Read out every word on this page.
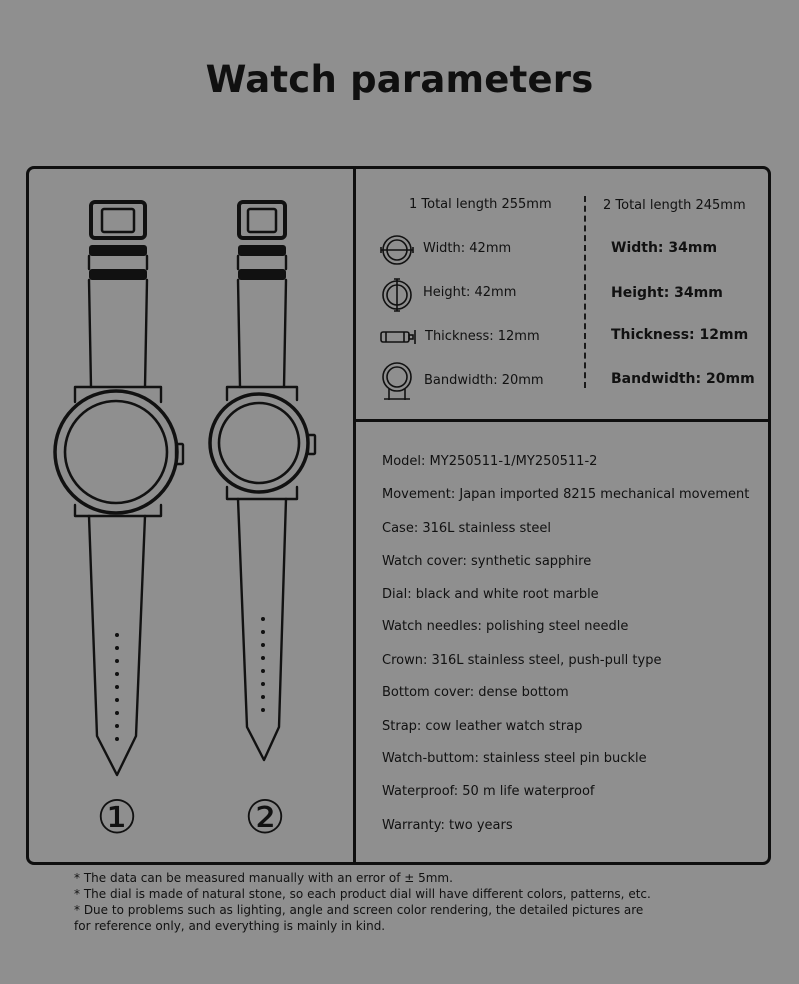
Watch parameters
① ②
1 Total length 255mm
Width: 42mm
Height: 42mm
Thickness: 12mm
Bandwidth: 20mm
2 Total length 245mm
Width: 34mm
Height: 34mm
Thickness: 12mm
Bandwidth: 20mm
Model: MY250511-1/MY250511-2
Movement: Japan imported 8215 mechanical movement
Case: 316L stainless steel
Watch cover: synthetic sapphire
Dial: black and white root marble
Watch needles: polishing steel needle
Crown: 316L stainless steel, push-pull type
Bottom cover: dense bottom
Strap: cow leather watch strap
Watch-buttom: stainless steel pin buckle
Waterproof: 50 m life waterproof
Warranty: two years
* The data can be measured manually with an error of ± 5mm.
* The dial is made of natural stone, so each product dial will have different colors, patterns, etc.
* Due to problems such as lighting, angle and screen color rendering, the detailed pictures are
for reference only, and everything is mainly in kind.
